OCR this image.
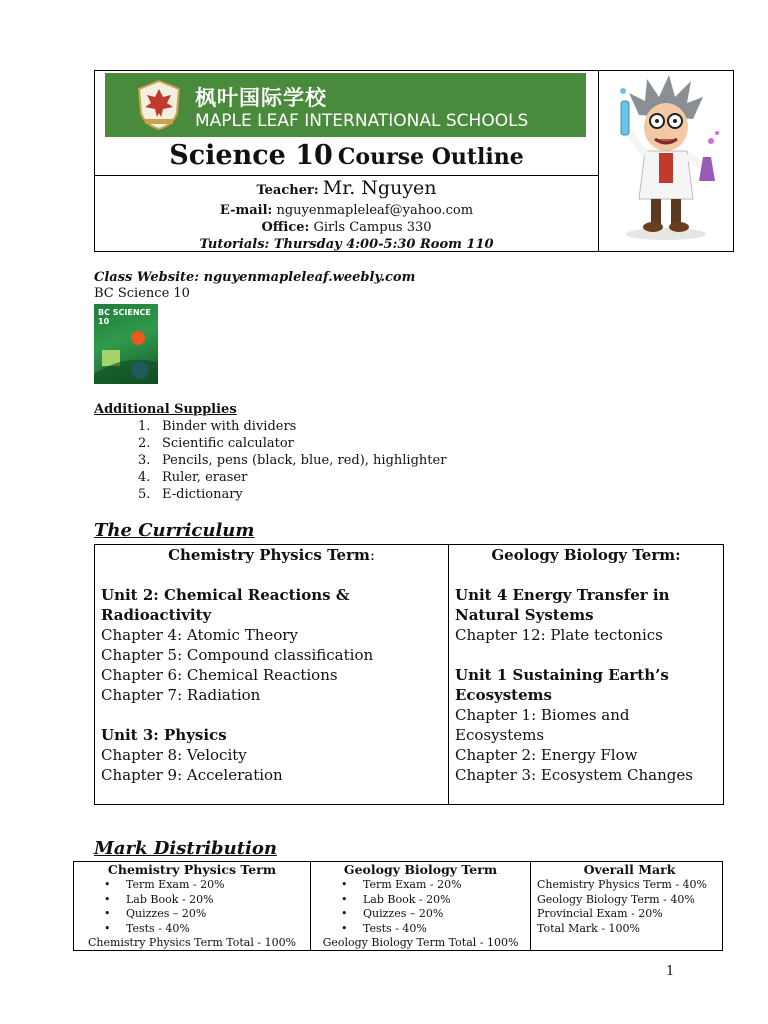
枫叶国际学校
MAPLE LEAF INTERNATIONAL SCHOOLS
Science 10 Course Outline
Teacher: Mr. Nguyen
E-mail: nguyenmapleleaf@yahoo.com
Office: Girls Campus 330
Tutorials: Thursday 4:00-5:30 Room 110
Class Website: nguyenmapleleaf.weebly.com
BC Science 10
BC SCIENCE 10
Additional Supplies
1. Binder with dividers
2. Scientific calculator
3. Pencils, pens (black, blue, red), highlighter
4. Ruler, eraser
5. E-dictionary
The Curriculum
Chemistry Physics Term:
Unit 2: Chemical Reactions & Radioactivity
Chapter 4: Atomic Theory
Chapter 5: Compound classification
Chapter 6: Chemical Reactions
Chapter 7: Radiation
Unit 3: Physics
Chapter 8: Velocity
Chapter 9: Acceleration
Geology Biology Term:
Unit 4 Energy Transfer in Natural Systems
Chapter 12: Plate tectonics
Unit 1 Sustaining Earth’s Ecosystems
Chapter 1: Biomes and Ecosystems
Chapter 2: Energy Flow
Chapter 3: Ecosystem Changes
Mark Distribution
Chemistry Physics Term
• Term Exam - 20%
• Lab Book - 20%
• Quizzes – 20%
• Tests - 40%
Chemistry Physics Term Total - 100%
Geology Biology Term
• Term Exam - 20%
• Lab Book - 20%
• Quizzes – 20%
• Tests - 40%
Geology Biology Term Total - 100%
Overall Mark
Chemistry Physics Term - 40%
Geology Biology Term - 40%
Provincial Exam - 20%
Total Mark - 100%
1
